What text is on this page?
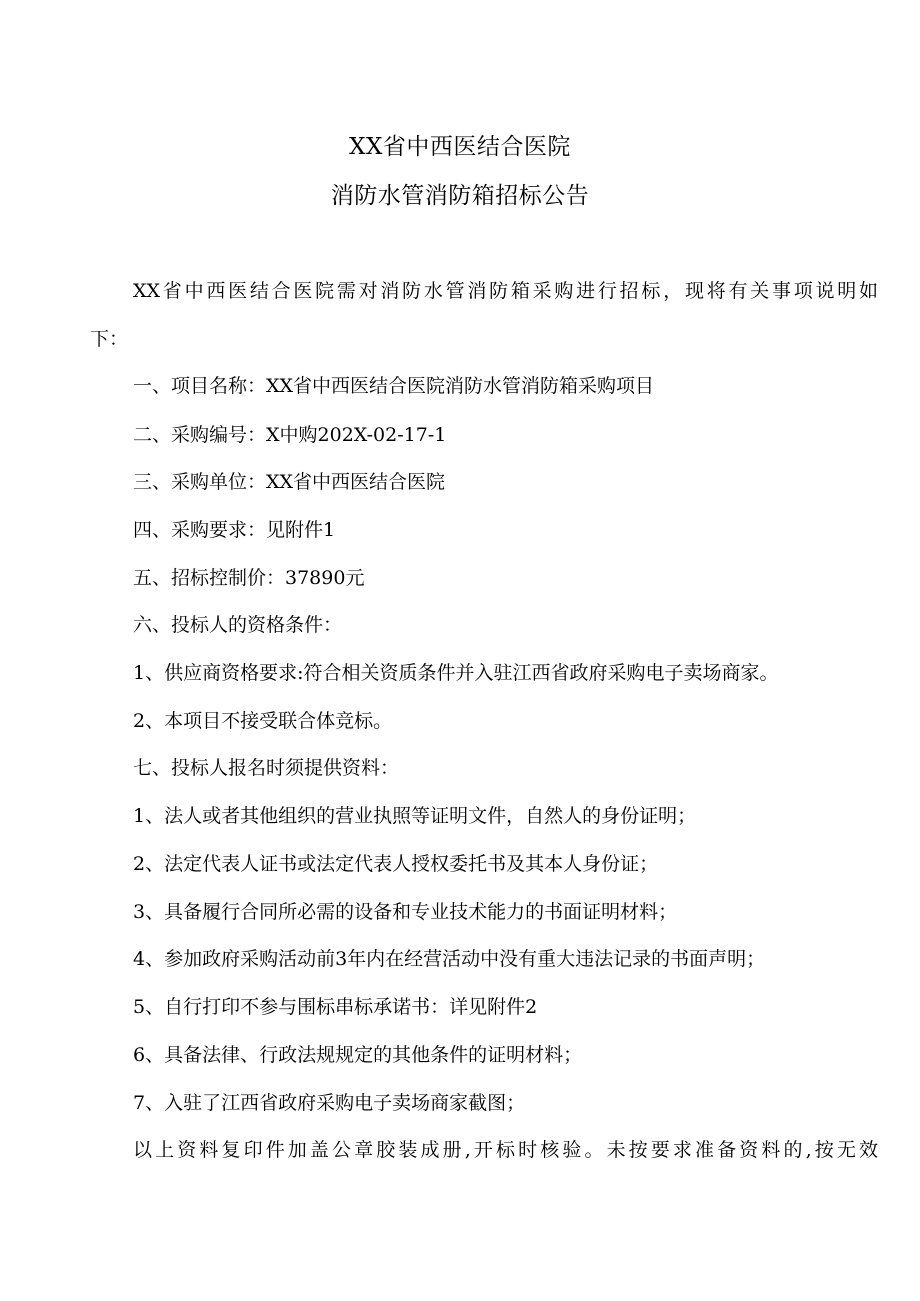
XX省中西医结合医院
消防水管消防箱招标公告
XX省中西医结合医院需对消防水管消防箱采购进行招标，现将有关事项说明如
下：
一、项目名称：XX省中西医结合医院消防水管消防箱采购项目
二、采购编号：X中购202X-02-17-1
三、采购单位：XX省中西医结合医院
四、采购要求：见附件1
五、招标控制价：37890元
六、投标人的资格条件：
1、供应商资格要求:符合相关资质条件并入驻江西省政府采购电子卖场商家。
2、本项目不接受联合体竞标。
七、投标人报名时须提供资料：
1、法人或者其他组织的营业执照等证明文件，自然人的身份证明；
2、法定代表人证书或法定代表人授权委托书及其本人身份证；
3、具备履行合同所必需的设备和专业技术能力的书面证明材料；
4、参加政府采购活动前3年内在经营活动中没有重大违法记录的书面声明；
5、自行打印不参与围标串标承诺书：详见附件2
6、具备法律、行政法规规定的其他条件的证明材料；
7、入驻了江西省政府采购电子卖场商家截图；
以上资料复印件加盖公章胶装成册,开标时核验。未按要求准备资料的,按无效
